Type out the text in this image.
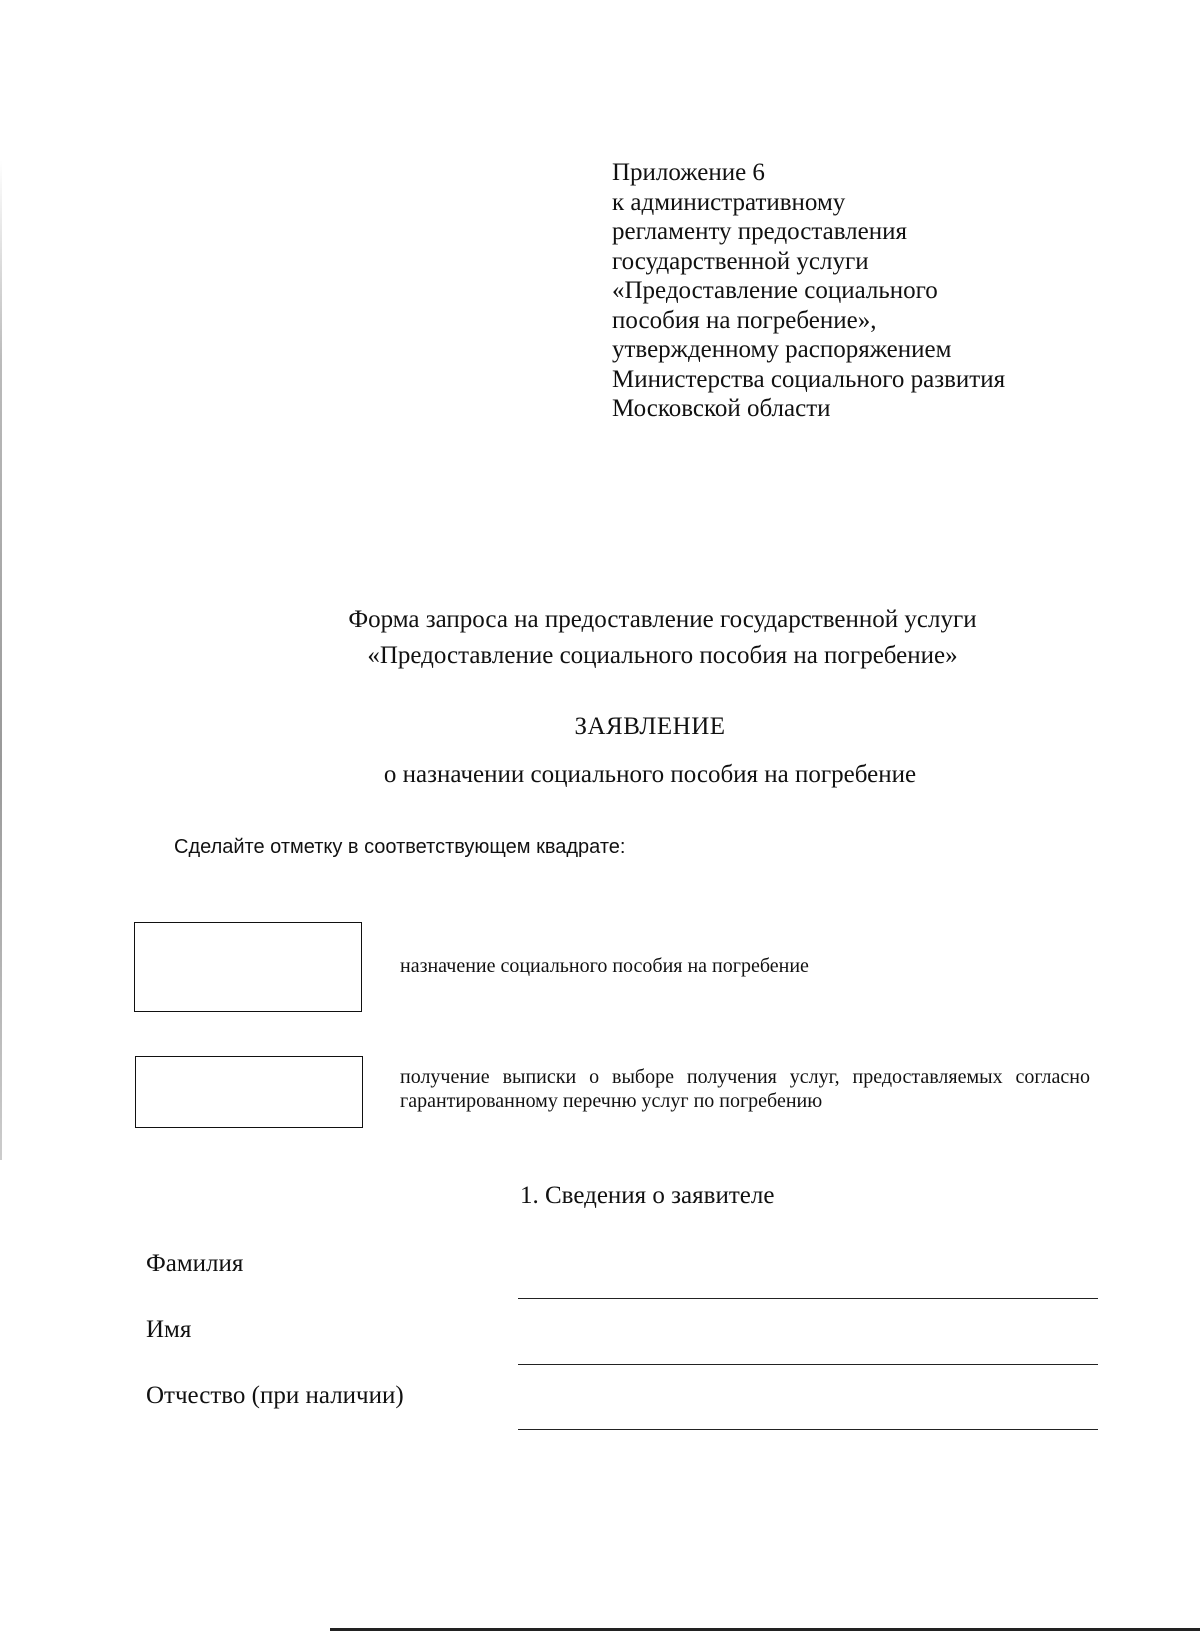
Приложение 6
к административному
регламенту предоставления
государственной услуги
«Предоставление социального
пособия на погребение»,
утвержденному распоряжением
Министерства социального развития
Московской области
Форма запроса на предоставление государственной услуги
«Предоставление социального пособия на погребение»
ЗАЯВЛЕНИЕ
о назначении социального пособия на погребение
Сделайте отметку в соответствующем квадрате:
назначение социального пособия на погребение
получение выписки о выборе получения услуг, предоставляемых согласно гарантированному перечню услуг по погребению
1. Сведения о заявителе
Фамилия
Имя
Отчество (при наличии)
